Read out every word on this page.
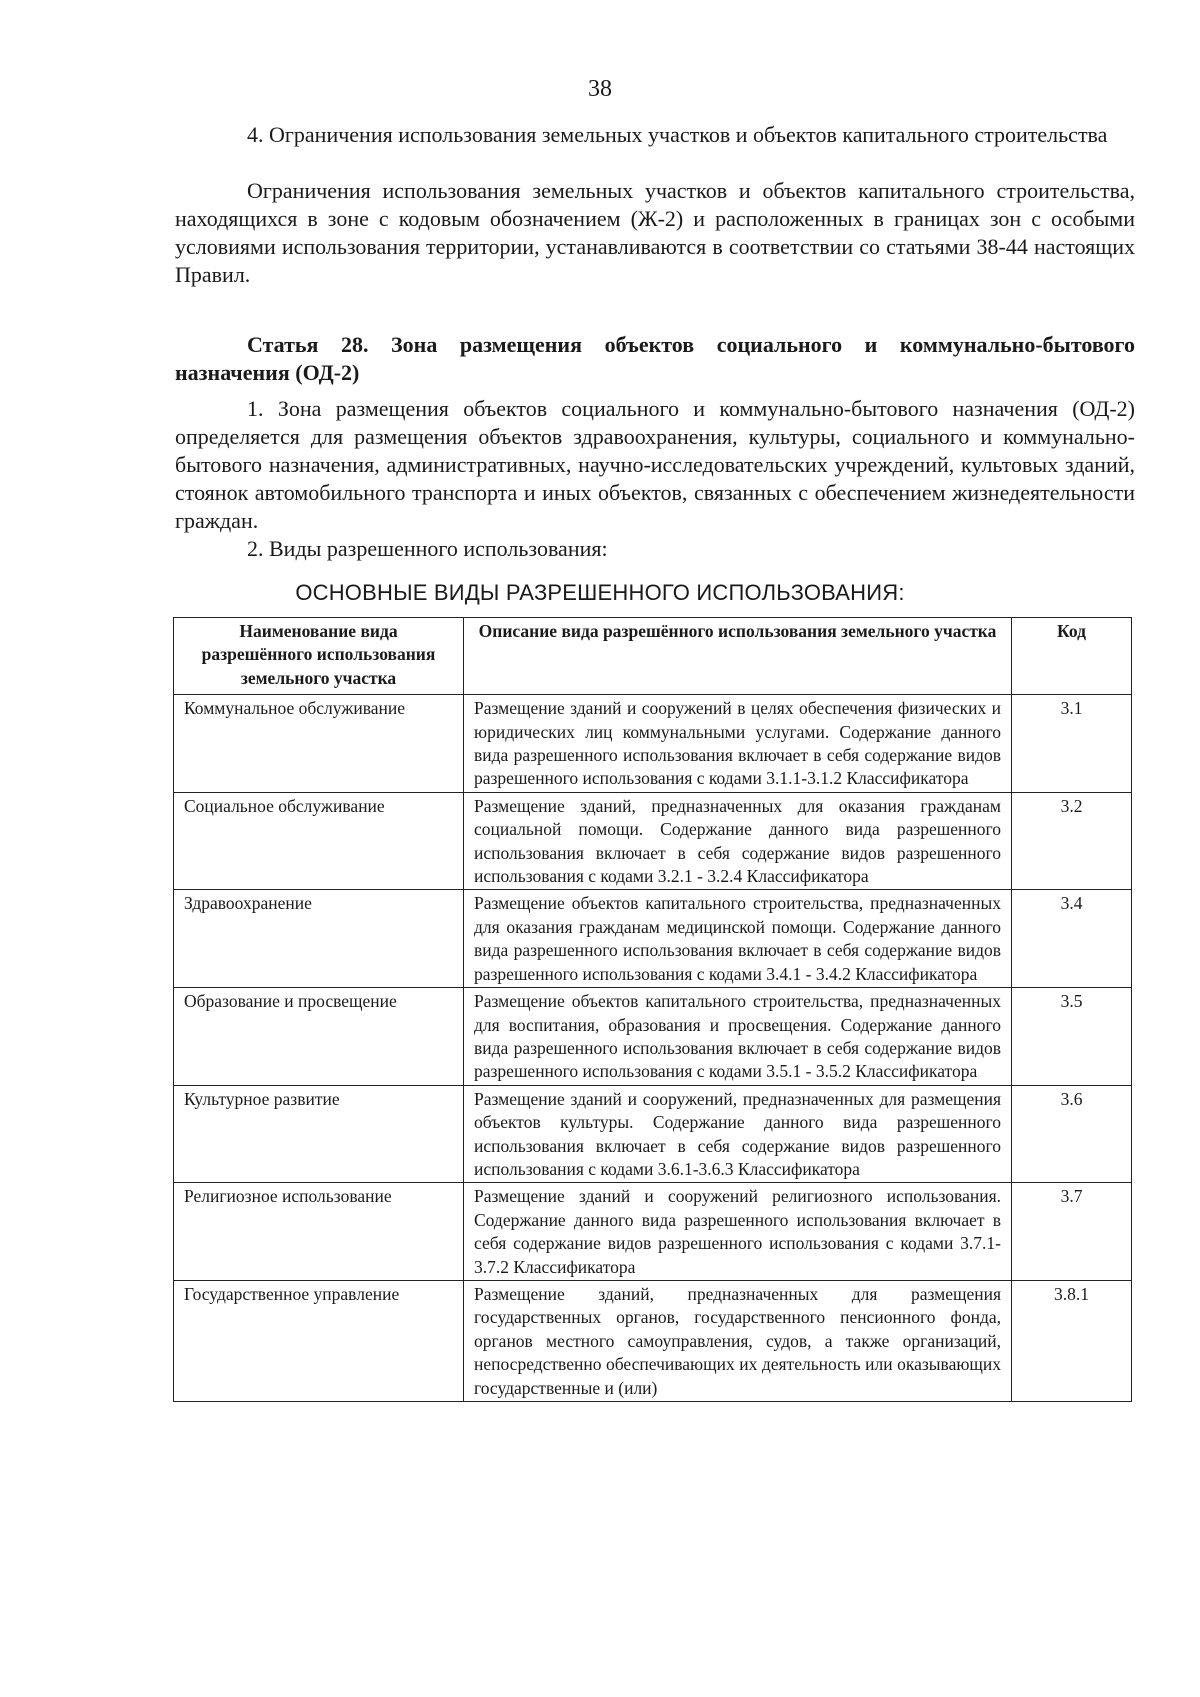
38

4. Ограничения использования земельных участков и объектов капитального строительства

Ограничения использования земельных участков и объектов капитального строительства, находящихся в зоне с кодовым обозначением (Ж-2) и расположенных в границах зон с особыми условиями использования территории, устанавливаются в соответствии со статьями 38-44 настоящих Правил.

Статья 28. Зона размещения объектов социального и коммунально-бытового назначения (ОД-2)

1. Зона размещения объектов социального и коммунально-бытового назначения (ОД-2) определяется для размещения объектов здравоохранения, культуры, социального и коммунально-бытового назначения, административных, научно-исследовательских учреждений, культовых зданий, стоянок автомобильного транспорта и иных объектов, связанных с обеспечением жизнедеятельности граждан.

2. Виды разрешенного использования:

ОСНОВНЫЕ ВИДЫ РАЗРЕШЕННОГО ИСПОЛЬЗОВАНИЯ:
Наименование вида разрешённого использования земельного участка	Описание вида разрешённого использования земельного участка	Код
Коммунальное обслуживание	Размещение зданий и сооружений в целях обеспечения физических и юридических лиц коммунальными услугами. Содержание данного вида разрешенного использования включает в себя содержание видов разрешенного использования с кодами 3.1.1-3.1.2 Классификатора	3.1
Социальное обслуживание	Размещение зданий, предназначенных для оказания гражданам социальной помощи. Содержание данного вида разрешенного использования включает в себя содержание видов разрешенного использования с кодами 3.2.1 - 3.2.4 Классификатора	3.2
Здравоохранение	Размещение объектов капитального строительства, предназначенных для оказания гражданам медицинской помощи. Содержание данного вида разрешенного использования включает в себя содержание видов разрешенного использования с кодами 3.4.1 - 3.4.2 Классификатора	3.4
Образование и просвещение	Размещение объектов капитального строительства, предназначенных для воспитания, образования и просвещения. Содержание данного вида разрешенного использования включает в себя содержание видов разрешенного использования с кодами 3.5.1 - 3.5.2 Классификатора	3.5
Культурное развитие	Размещение зданий и сооружений, предназначенных для размещения объектов культуры. Содержание данного вида разрешенного использования включает в себя содержание видов разрешенного использования с кодами 3.6.1-3.6.3 Классификатора	3.6
Религиозное использование	Размещение зданий и сооружений религиозного использования. Содержание данного вида разрешенного использования включает в себя содержание видов разрешенного использования с кодами 3.7.1-3.7.2 Классификатора	3.7
Государственное управление	Размещение зданий, предназначенных для размещения государственных органов, государственного пенсионного фонда, органов местного самоуправления, судов, а также организаций, непосредственно обеспечивающих их деятельность или оказывающих государственные и (или)	3.8.1
